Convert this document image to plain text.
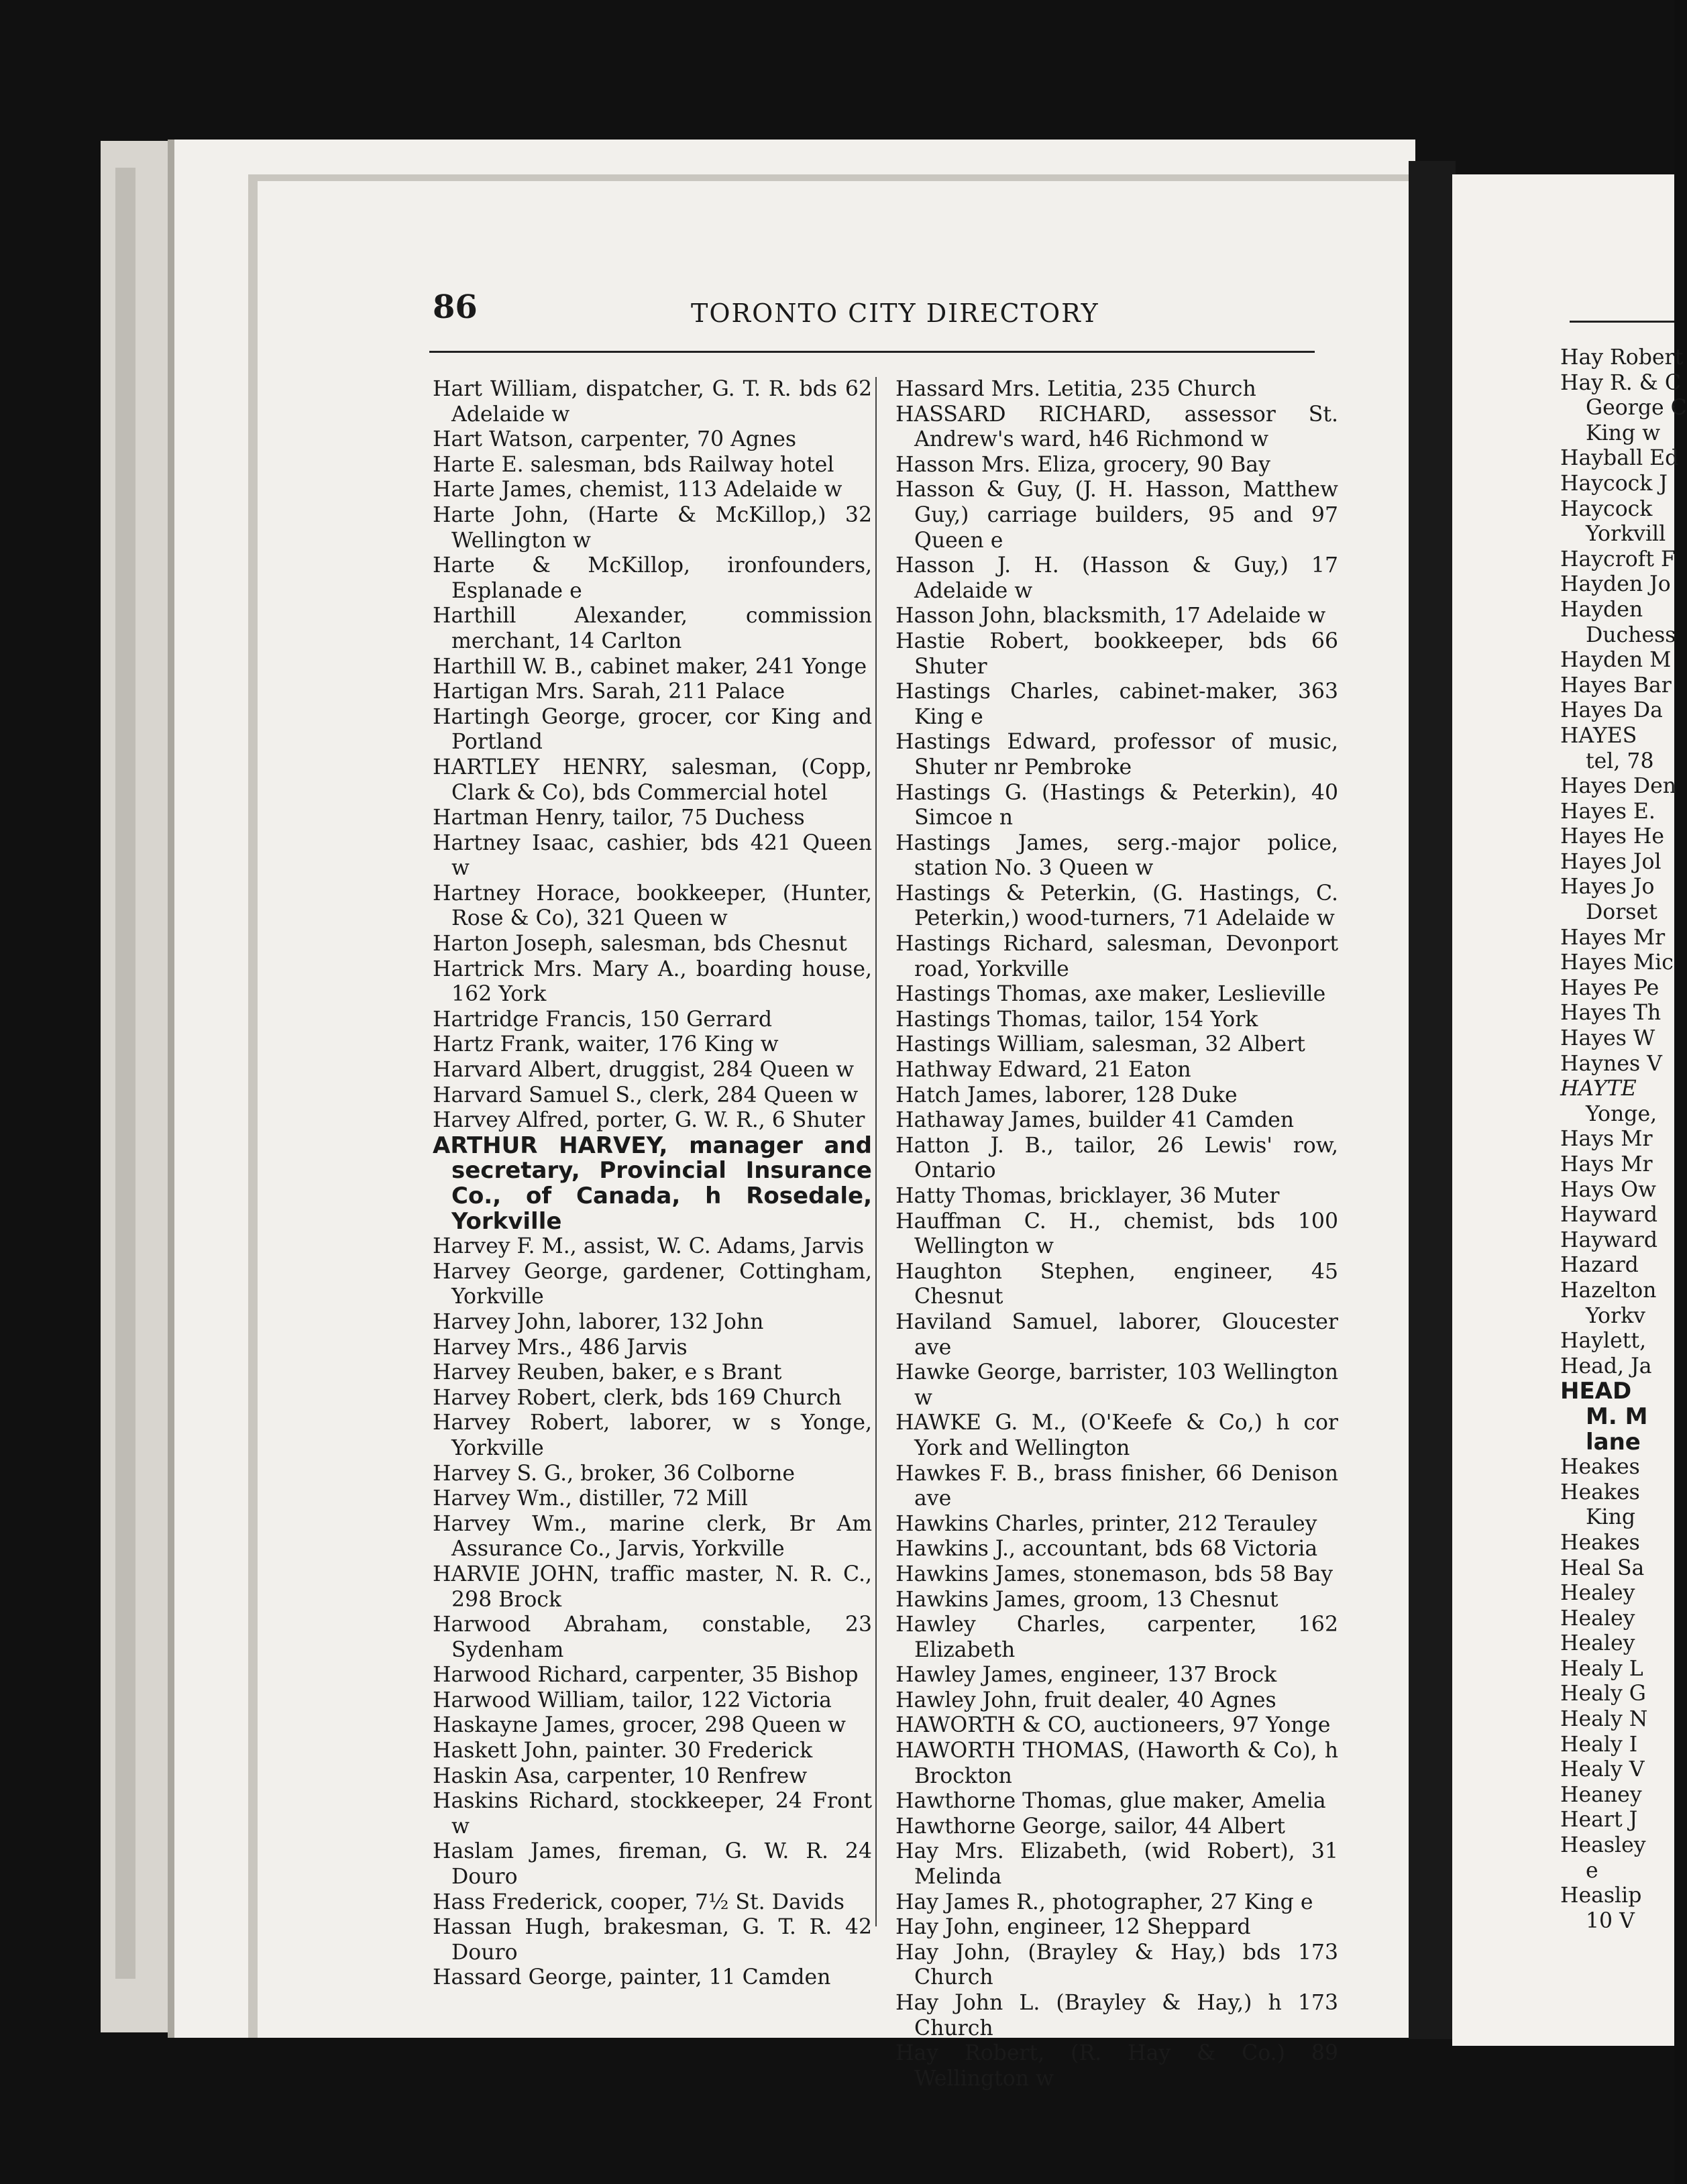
86	TORONTO CITY DIRECTORY

Hart William, dispatcher, G. T. R. bds 62 Adelaide w

Hart Watson, carpenter, 70 Agnes

Harte E. salesman, bds Railway hotel

Harte James, chemist, 113 Adelaide w

Harte John, (Harte & McKillop,) 32 Wellington w

Harte & McKillop, ironfounders, Esplanade e

Harthill Alexander, commission merchant, 14 Carlton

Harthill W. B., cabinet maker, 241 Yonge

Hartigan Mrs. Sarah, 211 Palace

Hartingh George, grocer, cor King and Portland

HARTLEY HENRY, salesman, (Copp, Clark & Co), bds Commercial hotel

Hartman Henry, tailor, 75 Duchess

Hartney Isaac, cashier, bds 421 Queen w

Hartney Horace, bookkeeper, (Hunter, Rose & Co), 321 Queen w

Harton Joseph, salesman, bds Chesnut

Hartrick Mrs. Mary A., boarding house, 162 York

Hartridge Francis, 150 Gerrard

Hartz Frank, waiter, 176 King w

Harvard Albert, druggist, 284 Queen w

Harvard Samuel S., clerk, 284 Queen w

Harvey Alfred, porter, G. W. R., 6 Shuter

ARTHUR HARVEY, manager and secretary, Provincial Insurance Co., of Canada, h Rosedale, Yorkville

Harvey F. M., assist, W. C. Adams, Jarvis

Harvey George, gardener, Cottingham, Yorkville

Harvey John, laborer, 132 John

Harvey Mrs., 486 Jarvis

Harvey Reuben, baker, e s Brant

Harvey Robert, clerk, bds 169 Church

Harvey Robert, laborer, w s Yonge, Yorkville

Harvey S. G., broker, 36 Colborne

Harvey Wm., distiller, 72 Mill

Harvey Wm., marine clerk, Br Am Assurance Co., Jarvis, Yorkville

HARVIE JOHN, traffic master, N. R. C., 298 Brock

Harwood Abraham, constable, 23 Sydenham

Harwood Richard, carpenter, 35 Bishop

Harwood William, tailor, 122 Victoria

Haskayne James, grocer, 298 Queen w

Haskett John, painter. 30 Frederick

Haskin Asa, carpenter, 10 Renfrew

Haskins Richard, stockkeeper, 24 Front w

Haslam James, fireman, G. W. R. 24 Douro

Hass Frederick, cooper, 7½ St. Davids

Hassan Hugh, brakesman, G. T. R. 42 Douro

Hassard George, painter, 11 Camden

Hassard Mrs. Letitia, 235 Church

HASSARD RICHARD, assessor St. Andrew's ward, h46 Richmond w

Hasson Mrs. Eliza, grocery, 90 Bay

Hasson & Guy, (J. H. Hasson, Matthew Guy,) carriage builders, 95 and 97 Queen e

Hasson J. H. (Hasson & Guy,) 17 Adelaide w

Hasson John, blacksmith, 17 Adelaide w

Hastie Robert, bookkeeper, bds 66 Shuter

Hastings Charles, cabinet-maker, 363 King e

Hastings Edward, professor of music, Shuter nr Pembroke

Hastings G. (Hastings & Peterkin), 40 Simcoe n

Hastings James, serg.-major police, station No. 3 Queen w

Hastings & Peterkin, (G. Hastings, C. Peterkin,) wood-turners, 71 Adelaide w

Hastings Richard, salesman, Devonport road, Yorkville

Hastings Thomas, axe maker, Leslieville

Hastings Thomas, tailor, 154 York

Hastings William, salesman, 32 Albert

Hathway Edward, 21 Eaton

Hatch James, laborer, 128 Duke

Hathaway James, builder 41 Camden

Hatton J. B., tailor, 26 Lewis' row, Ontario

Hatty Thomas, bricklayer, 36 Muter

Hauffman C. H., chemist, bds 100 Wellington w

Haughton Stephen, engineer, 45 Chesnut

Haviland Samuel, laborer, Gloucester ave

Hawke George, barrister, 103 Wellington w

HAWKE G. M., (O'Keefe & Co,) h cor York and Wellington

Hawkes F. B., brass finisher, 66 Denison ave

Hawkins Charles, printer, 212 Terauley

Hawkins J., accountant, bds 68 Victoria

Hawkins James, stonemason, bds 58 Bay

Hawkins James, groom, 13 Chesnut

Hawley Charles, carpenter, 162 Elizabeth

Hawley James, engineer, 137 Brock

Hawley John, fruit dealer, 40 Agnes

HAWORTH & CO, auctioneers, 97 Yonge

HAWORTH THOMAS, (Haworth & Co), h Brockton

Hawthorne Thomas, glue maker, Amelia

Hawthorne George, sailor, 44 Albert

Hay Mrs. Elizabeth, (wid Robert), 31 Melinda

Hay James R., photographer, 27 King e

Hay John, engineer, 12 Sheppard

Hay John, (Brayley & Hay,) bds 173 Church

Hay John L. (Brayley & Hay,) h 173 Church

Hay Robert, (R. Hay & Co.) 89 Wellington w

Hay Robert

Hay R. & C

George C

King w

Hayball Ed

Haycock J

Haycock

Yorkvill

Haycroft F

Hayden Jo

Hayden

Duchess

Hayden M

Hayes Bar

Hayes Da

HAYES

tel, 78

Hayes Den

Hayes E.

Hayes He

Hayes Jol

Hayes Jo

Dorset

Hayes Mr

Hayes Mic

Hayes Pe

Hayes Th

Hayes W

Haynes V

HAYTE

Yonge,

Hays Mr

Hays Mr

Hays Ow

Hayward

Hayward

Hazard

Hazelton

Yorkv

Haylett,

Head, Ja

HEAD

M. M

lane

Heakes

Heakes

King

Heakes

Heal Sa

Healey

Healey

Healey

Healy L

Healy G

Healy N

Healy I

Healy V

Heaney

Heart J

Heasley

e

Heaslip

10 V
